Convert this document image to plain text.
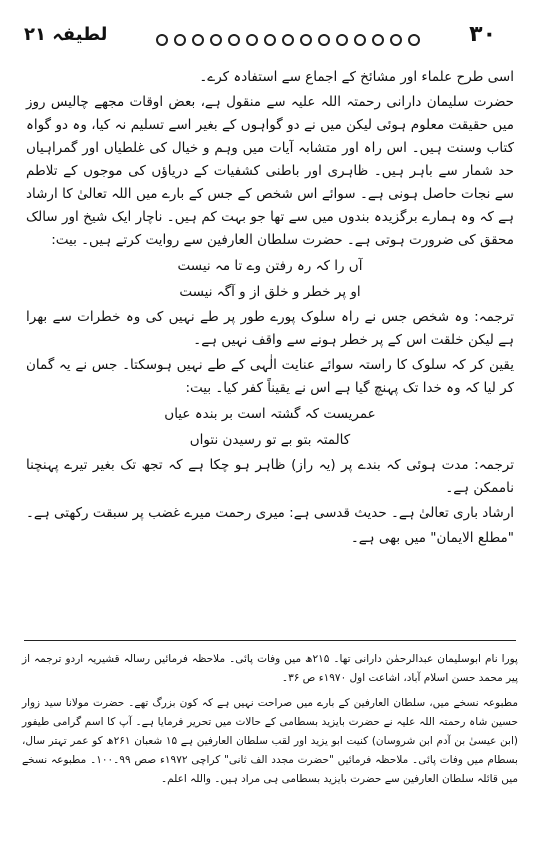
۳۰
لطیفہ ۲۱

اسی طرح علماء اور مشائخ کے اجماع سے استفادہ کرے۔

حضرت سلیمان دارانی رحمتہ اللہ علیہ سے منقول ہے، بعض اوقات مجھے چالیس روز میں حقیقت معلوم ہوئی لیکن میں نے دو گواہوں کے بغیر اسے تسلیم نہ کیا، وہ دو گواہ کتاب وسنت ہیں۔ اس راہ اور متشابہ آیات میں وہم و خیال کی غلطیاں اور گمراہیاں حد شمار سے باہر ہیں۔ ظاہری اور باطنی کشفیات کے دریاؤں کی موجوں کے تلاطم سے نجات حاصل ہونی ہے۔ سوائے اس شخص کے جس کے بارے میں اللہ تعالیٰ کا ارشاد ہے کہ وہ ہمارے برگزیدہ بندوں میں سے تھا جو بہت کم ہیں۔ ناچار ایک شیخ اور سالک محقق کی ضرورت ہوتی ہے۔ حضرت سلطان العارفین سے روایت کرتے ہیں۔ بیت:

آں را کہ رہ رفتن وے تا مہ نیست
او پر خطر و خلق از و آگہ نیست

ترجمہ: وہ شخص جس نے راہ سلوک پورے طور پر طے نہیں کی وہ خطرات سے بھرا ہے لیکن خلقت اس کے پر خطر ہونے سے واقف نہیں ہے۔

یقین کر کہ سلوک کا راستہ سوائے عنایت الٰہی کے طے نہیں ہوسکتا۔ جس نے یہ گمان کر لیا کہ وہ خدا تک پہنچ گیا ہے اس نے یقیناً کفر کیا۔ بیت:

عمریست کہ گشتہ است بر بندہ عیاں
کالمتہ بتو بے تو رسیدن نتواں

ترجمہ: مدت ہوئی کہ بندے پر (یہ راز) ظاہر ہو چکا ہے کہ تجھ تک بغیر تیرے پہنچنا ناممکن ہے۔

ارشاد باری تعالیٰ ہے۔ حدیث قدسی ہے: میری رحمت میرے غضب پر سبقت رکھتی ہے۔

"مطلع الایمان" میں بھی ہے۔

پورا نام ابوسلیمان عبدالرحمٰن دارانی تھا۔ ۲۱۵ھ میں وفات پائی۔ ملاحظہ فرمائیں رسالہ قشیریہ اردو ترجمہ از پیر محمد حسن اسلام آباد، اشاعت اول ۱۹۷۰ء ص ۳۶۔

مطبوعہ نسخے میں، سلطان العارفین کے بارے میں صراحت نہیں ہے کہ کون بزرگ تھے۔ حضرت مولانا سید زوار حسین شاہ رحمتہ اللہ علیہ نے حضرت بایزید بسطامی کے حالات میں تحریر فرمایا ہے۔ آپ کا اسم گرامی طیفور (ابن عیسیٰ بن آدم ابن شروسان) کنیت ابو یزید اور لقب سلطان العارفین ہے ۱۵ شعبان ۲۶۱ھ کو عمر تہتر سال، بسطام میں وفات پائی۔ ملاحظہ فرمائیں "حضرت مجدد الف ثانی" کراچی ۱۹۷۲ء صص ۹۹۔۱۰۰۔ مطبوعہ نسخے میں قائلہ سلطان العارفین سے حضرت بایزید بسطامی ہی مراد ہیں۔ واللہ اعلم۔
